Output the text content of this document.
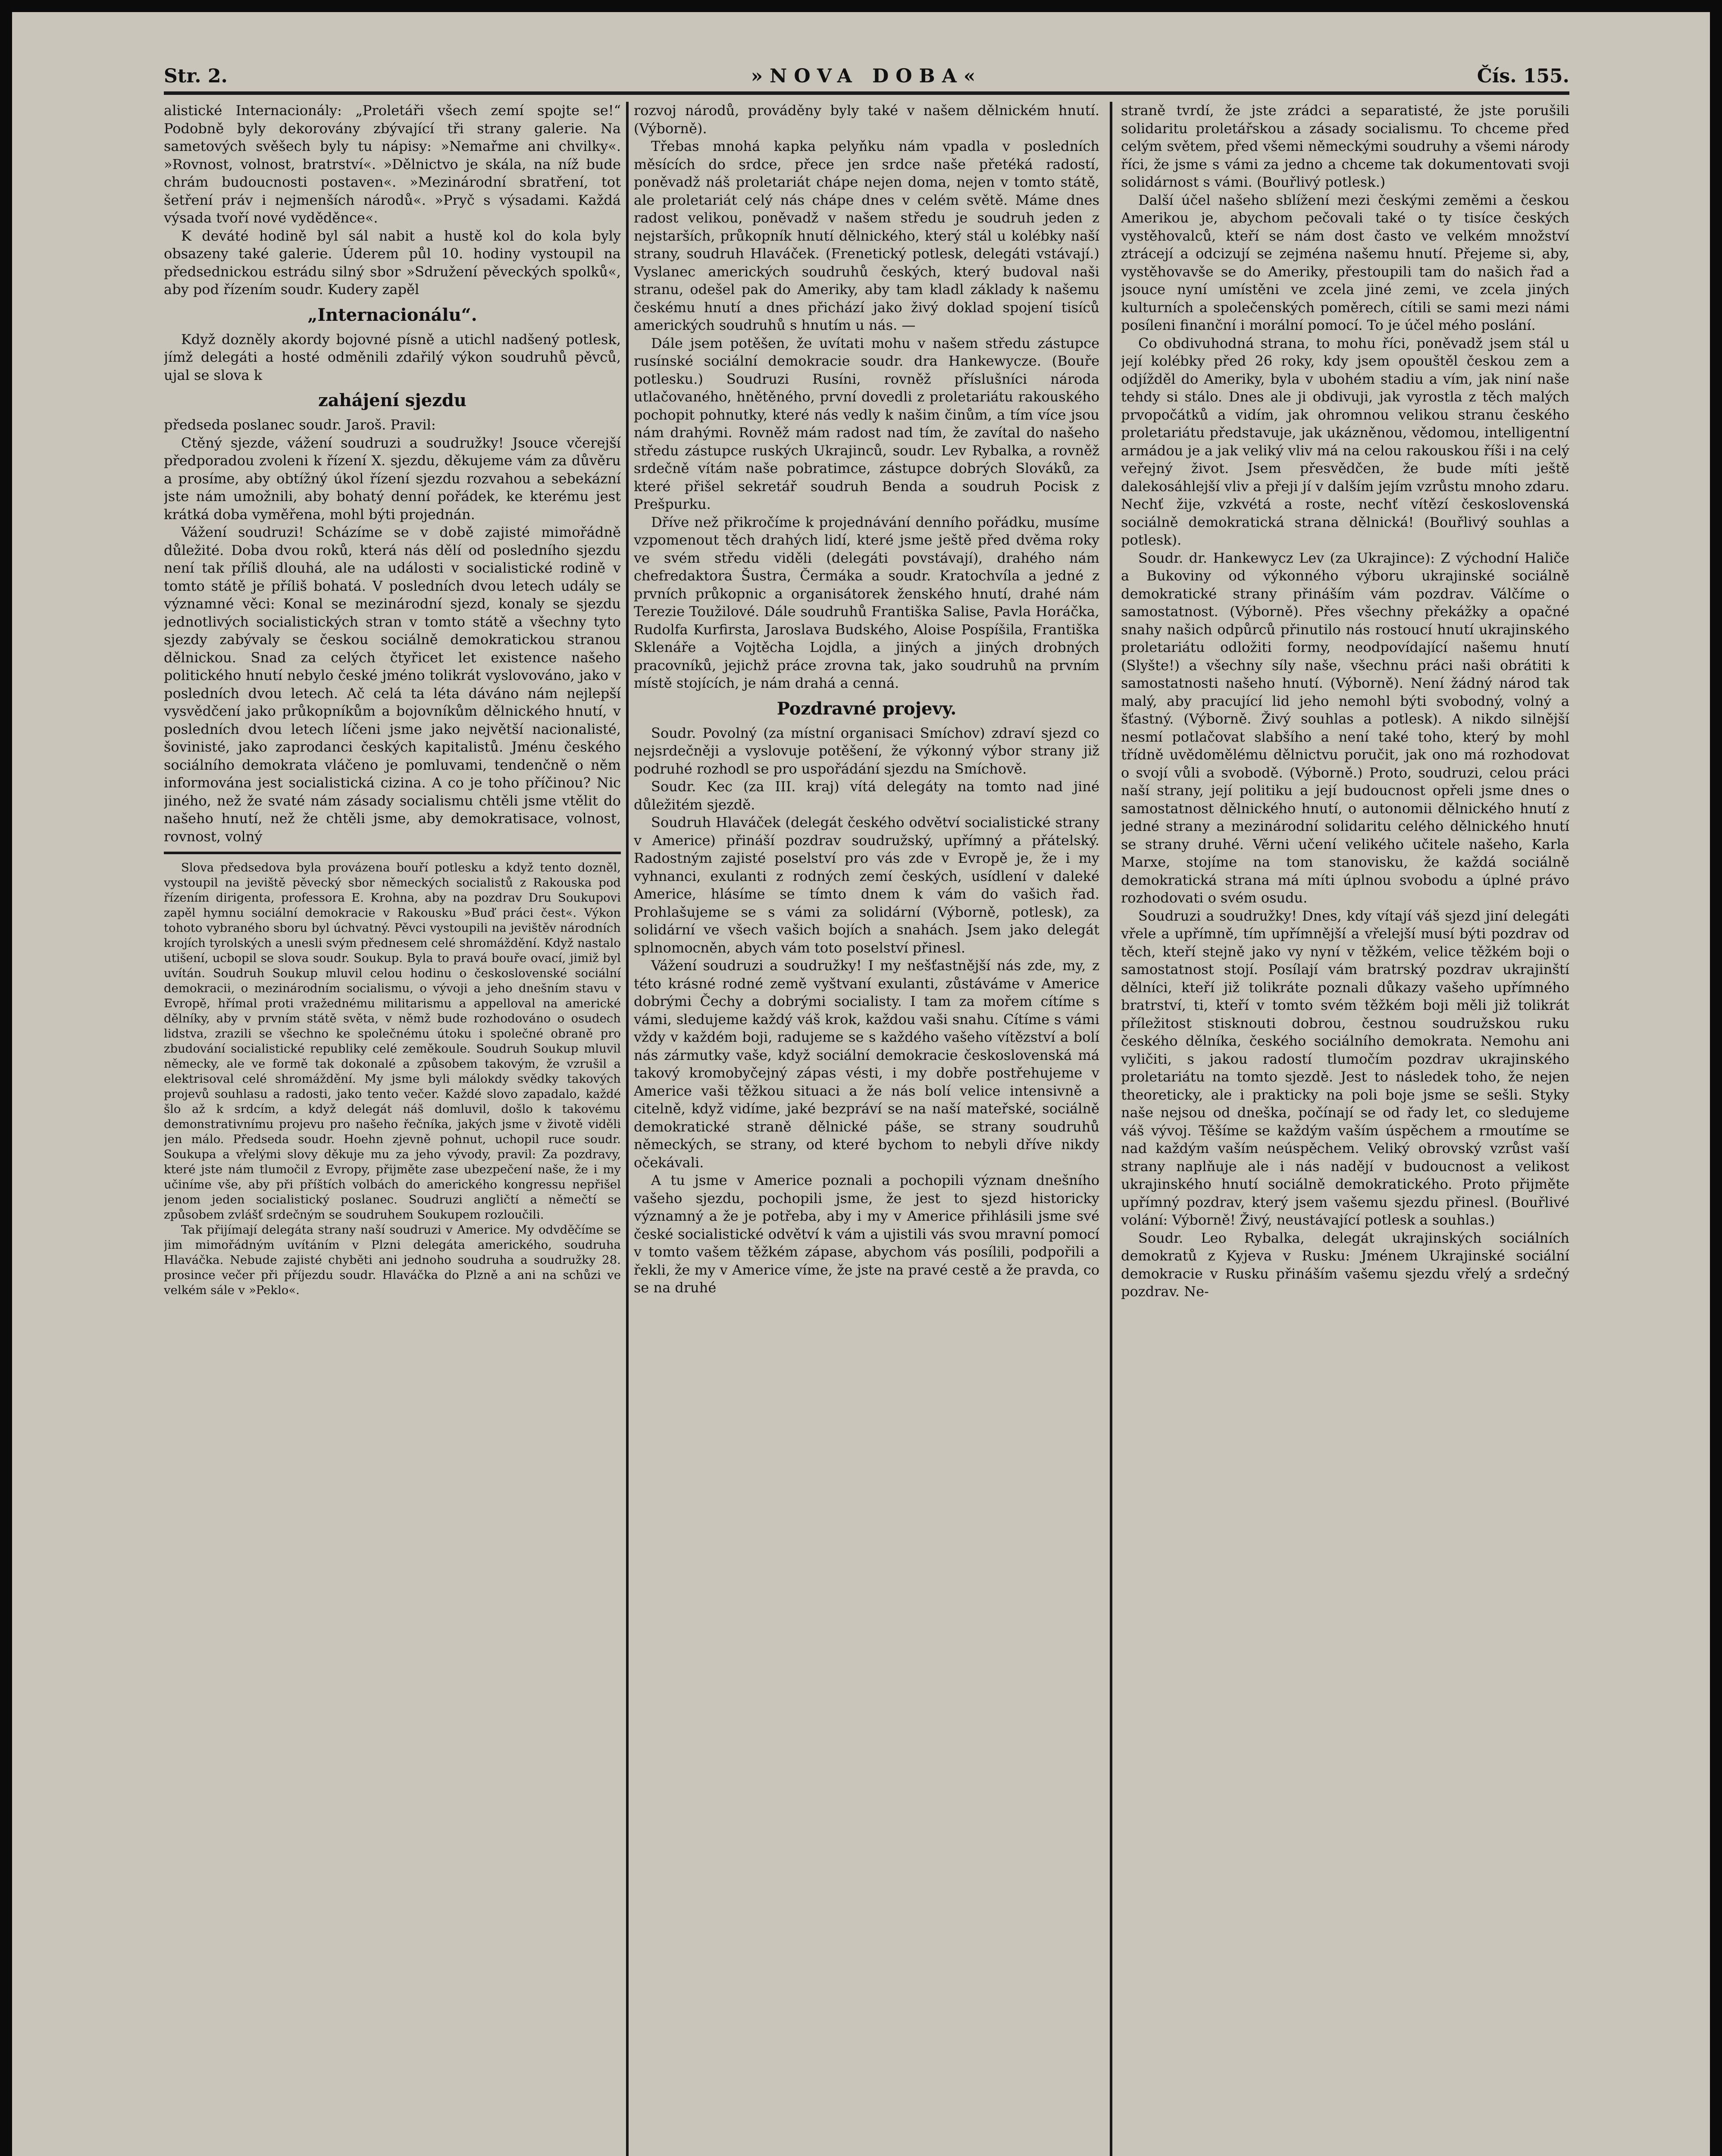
»NOVA DOBA«
Str. 2.	Čís. 155.

alistické Internacionály: „Proletáři všech zemí spojte se!“ Podobně byly dekorovány zbývající tři strany galerie. Na sametových svěšech byly tu nápisy: »Nemařme ani chvilky«. »Rovnost, volnost, bratrství«. »Dělnictvo je skála, na níž bude chrám budoucnosti postaven«. »Mezinárodní sbratření, tot šetření práv i nejmenších národů«. »Pryč s výsadami. Každá výsada tvoří nové vyděděnce«.

K deváté hodině byl sál nabit a hustě kol do kola byly obsazeny také galerie. Úderem půl 10. hodiny vystoupil na předsednickou estrádu silný sbor »Sdružení pěveckých spolků«, aby pod řízením soudr. Kudery zapěl

„Internacionálu“.

Když dozněly akordy bojovné písně a utichl nadšený potlesk, jímž delegáti a hosté odměnili zdařilý výkon soudruhů pěvců, ujal se slova k

zahájení sjezdu

předseda poslanec soudr. Jaroš. Pravil:

Ctěný sjezde, vážení soudruzi a soudružky! Jsouce včerejší předporadou zvoleni k řízení X. sjezdu, děkujeme vám za důvěru a prosíme, aby obtížný úkol řízení sjezdu rozvahou a sebekázní jste nám umožnili, aby bohatý denní pořádek, ke kterému jest krátká doba vyměřena, mohl býti projednán.

Vážení soudruzi! Scházíme se v době zajisté mimořádně důležité. Doba dvou roků, která nás dělí od posledního sjezdu není tak příliš dlouhá, ale na události v socialistické rodině v tomto státě je příliš bohatá. V posledních dvou letech udály se významné věci: Konal se mezinárodní sjezd, konaly se sjezdu jednotlivých socialistických stran v tomto státě a všechny tyto sjezdy zabývaly se českou sociálně demokratickou stranou dělnickou. Snad za celých čtyřicet let existence našeho politického hnutí nebylo české jméno tolikrát vyslovováno, jako v posledních dvou letech. Ač celá ta léta dáváno nám nejlepší vysvědčení jako průkopníkům a bojovníkům dělnického hnutí, v posledních dvou letech líčeni jsme jako největší nacionalisté, šovinisté, jako zaprodanci českých kapitalistů. Jménu českého sociálního demokrata vláčeno je pomluvami, tendenčně o něm informována jest socialistická cizina. A co je toho příčinou? Nic jiného, než že svaté nám zásady socialismu chtěli jsme vtělit do našeho hnutí, než že chtěli jsme, aby demokratisace, volnost, rovnost, volný

Slova předsedova byla provázena bouří potlesku a když tento dozněl, vystoupil na jeviště pěvecký sbor německých socialistů z Rakouska pod řízením dirigenta, professora E. Krohna, aby na pozdrav Dru Soukupovi zapěl hymnu sociální demokracie v Rakousku »Buď práci čest«. Výkon tohoto vybraného sboru byl úchvatný. Pěvci vystoupili na jevištěv národních krojích tyrolských a unesli svým přednesem celé shromáždění. Když nastalo utišení, ucbopil se slova soudr. Soukup. Byla to pravá bouře ovací, jimiž byl uvítán. Soudruh Soukup mluvil celou hodinu o československé sociální demokracii, o mezinárodním socialismu, o vývoji a jeho dnešním stavu v Evropě, hřímal proti vražednému militarismu a appelloval na americké dělníky, aby v prvním státě světa, v němž bude rozhodováno o osudech lidstva, zrazili se všechno ke společnému útoku i společné obraně pro zbudování socialistické republiky celé zeměkoule. Soudruh Soukup mluvil německy, ale ve formě tak dokonalé a způsobem takovým, že vzrušil a elektrisoval celé shromáždění. My jsme byli málokdy svědky takových projevů souhlasu a radosti, jako tento večer. Každé slovo zapadalo, každé šlo až k srdcím, a když delegát náš domluvil, došlo k takovému demonstrativnímu projevu pro našeho řečníka, jakých jsme v životě viděli jen málo. Předseda soudr. Hoehn zjevně pohnut, uchopil ruce soudr. Soukupa a vřelými slovy děkuje mu za jeho vývody, pravil: Za pozdravy, které jste nám tlumočil z Evropy, přijměte zase ubezpečení naše, že i my učiníme vše, aby při příštích volbách do amerického kongressu nepřišel jenom jeden socialistický poslanec. Soudruzi angličtí a němečtí se způsobem zvlášť srdečným se soudruhem Soukupem rozloučili.

Tak přijímají delegáta strany naší soudruzi v Americe. My odvděčíme se jim mimořádným uvítáním v Plzni delegáta amerického, soudruha Hlaváčka. Nebude zajisté chyběti ani jednoho soudruha a soudružky 28. prosince večer při příjezdu soudr. Hlaváčka do Plzně a ani na schůzi ve velkém sále v »Peklo«.

rozvoj národů, prováděny byly také v našem dělnickém hnutí. (Výborně).

Třebas mnohá kapka pelyňku nám vpadla v posledních měsících do srdce, přece jen srdce naše přetéká radostí, poněvadž náš proletariát chápe nejen doma, nejen v tomto státě, ale proletariát celý nás chápe dnes v celém světě. Máme dnes radost velikou, poněvadž v našem středu je soudruh jeden z nejstarších, průkopník hnutí dělnického, který stál u kolébky naší strany, soudruh Hlaváček. (Frenetický potlesk, delegáti vstávají.) Vyslanec amerických soudruhů českých, který budoval naši stranu, odešel pak do Ameriky, aby tam kladl základy k našemu českému hnutí a dnes přichází jako živý doklad spojení tisíců amerických soudruhů s hnutím u nás. —

Dále jsem potěšen, že uvítati mohu v našem středu zástupce rusínské sociální demokracie soudr. dra Hankewycze. (Bouře potlesku.) Soudruzi Rusíni, rovněž příslušníci národa utlačovaného, hnětěného, první dovedli z proletariátu rakouského pochopit pohnutky, které nás vedly k našim činům, a tím více jsou nám drahými. Rovněž mám radost nad tím, že zavítal do našeho středu zástupce ruských Ukrajinců, soudr. Lev Rybalka, a rovněž srdečně vítám naše pobratimce, zástupce dobrých Slováků, za které přišel sekretář soudruh Benda a soudruh Pocisk z Prešpurku.

Dříve než přikročíme k projednávání denního pořádku, musíme vzpomenout těch drahých lidí, které jsme ještě před dvěma roky ve svém středu viděli (delegáti povstávají), drahého nám chefredaktora Šustra, Čermáka a soudr. Kratochvíla a jedné z prvních průkopnic a organisátorek ženského hnutí, drahé nám Terezie Toužilové. Dále soudruhů Františka Salise, Pavla Horáčka, Rudolfa Kurfirsta, Jaroslava Budského, Aloise Pospíšila, Františka Sklenáře a Vojtěcha Lojdla, a jiných a jiných drobných pracovníků, jejichž práce zrovna tak, jako soudruhů na prvním místě stojících, je nám drahá a cenná.

Pozdravné projevy.

Soudr. Povolný (za místní organisaci Smíchov) zdraví sjezd co nejsrdečněji a vyslovuje potěšení, že výkonný výbor strany již podruhé rozhodl se pro uspořádání sjezdu na Smíchově.

Soudr. Kec (za III. kraj) vítá delegáty na tomto nad jiné důležitém sjezdě.

Soudruh Hlaváček (delegát českého odvětví socialistické strany v Americe) přináší pozdrav soudružský, upřímný a přátelský. Radostným zajisté poselství pro vás zde v Evropě je, že i my vyhnanci, exulanti z rodných zemí českých, usídlení v daleké Americe, hlásíme se tímto dnem k vám do vašich řad. Prohlašujeme se s vámi za solidární (Výborně, potlesk), za solidární ve všech vašich bojích a snahách. Jsem jako delegát splnomocněn, abych vám toto poselství přinesl.

Vážení soudruzi a soudružky! I my nešťastnější nás zde, my, z této krásné rodné země vyštvaní exulanti, zůstáváme v Americe dobrými Čechy a dobrými socialisty. I tam za mořem cítíme s vámi, sledujeme každý váš krok, každou vaši snahu. Cítíme s vámi vždy v každém boji, radujeme se s každého vašeho vítězství a bolí nás zármutky vaše, když sociální demokracie československá má takový kromobyčejný zápas vésti, i my dobře postřehujeme v Americe vaši těžkou situaci a že nás bolí velice intensivně a citelně, když vidíme, jaké bezpráví se na naší mateřské, sociálně demokratické straně dělnické páše, se strany soudruhů německých, se strany, od které bychom to nebyli dříve nikdy očekávali.

A tu jsme v Americe poznali a pochopili význam dnešního vašeho sjezdu, pochopili jsme, že jest to sjezd historicky významný a že je potřeba, aby i my v Americe přihlásili jsme své české socialistické odvětví k vám a ujistili vás svou mravní pomocí v tomto vašem těžkém zápase, abychom vás posílili, podpořili a řekli, že my v Americe víme, že jste na pravé cestě a že pravda, co se na druhé

straně tvrdí, že jste zrádci a separatisté, že jste porušili solidaritu proletářskou a zásady socialismu. To chceme před celým světem, před všemi německými soudruhy a všemi národy říci, že jsme s vámi za jedno a chceme tak dokumentovati svoji solidárnost s vámi. (Bouřlivý potlesk.)

Další účel našeho sblížení mezi českými zeměmi a českou Amerikou je, abychom pečovali také o ty tisíce českých vystěhovalců, kteří se nám dost často ve velkém množství ztrácejí a odcizují se zejména našemu hnutí. Přejeme si, aby, vystěhovavše se do Ameriky, přestoupili tam do našich řad a jsouce nyní umístěni ve zcela jiné zemi, ve zcela jiných kulturních a společenských poměrech, cítili se sami mezi námi posíleni finanční i morální pomocí. To je účel mého poslání.

Co obdivuhodná strana, to mohu říci, poněvadž jsem stál u její kolébky před 26 roky, kdy jsem opouštěl českou zem a odjížděl do Ameriky, byla v ubohém stadiu a vím, jak niní naše tehdy si stálo. Dnes ale ji obdivuji, jak vyrostla z těch malých prvopočátků a vidím, jak ohromnou velikou stranu českého proletariátu představuje, jak ukázněnou, vědomou, intelligentní armádou je a jak veliký vliv má na celou rakouskou říši i na celý veřejný život. Jsem přesvědčen, že bude míti ještě dalekosáhlejší vliv a přeji jí v dalším jejím vzrůstu mnoho zdaru. Nechť žije, vzkvétá a roste, nechť vítězí československá sociálně demokratická strana dělnická! (Bouřlivý souhlas a potlesk).

Soudr. dr. Hankewycz Lev (za Ukrajince): Z východní Haliče a Bukoviny od výkonného výboru ukrajinské sociálně demokratické strany přináším vám pozdrav. Válčíme o samostatnost. (Výborně). Přes všechny překážky a opačné snahy našich odpůrců přinutilo nás rostoucí hnutí ukrajinského proletariátu odložiti formy, neodpovídající našemu hnutí (Slyšte!) a všechny síly naše, všechnu práci naši obrátiti k samostatnosti našeho hnutí. (Výborně). Není žádný národ tak malý, aby pracující lid jeho nemohl býti svobodný, volný a šťastný. (Výborně. Živý souhlas a potlesk). A nikdo silnější nesmí potlačovat slabšího a není také toho, který by mohl třídně uvědomělému dělnictvu poručit, jak ono má rozhodovat o svojí vůli a svobodě. (Výborně.) Proto, soudruzi, celou práci naší strany, její politiku a její budoucnost opřeli jsme dnes o samostatnost dělnického hnutí, o autonomii dělnického hnutí z jedné strany a mezinárodní solidaritu celého dělnického hnutí se strany druhé. Věrni učení velikého učitele našeho, Karla Marxe, stojíme na tom stanovisku, že každá sociálně demokratická strana má míti úplnou svobodu a úplné právo rozhodovati o svém osudu.

Soudruzi a soudružky! Dnes, kdy vítají váš sjezd jiní delegáti vřele a upřímně, tím upřímnější a vřelejší musí býti pozdrav od těch, kteří stejně jako vy nyní v těžkém, velice těžkém boji o samostatnost stojí. Posílají vám bratrský pozdrav ukrajinští dělníci, kteří již tolikráte poznali důkazy vašeho upřímného bratrství, ti, kteří v tomto svém těžkém boji měli již tolikrát příležitost stisknouti dobrou, čestnou soudružskou ruku českého dělníka, českého sociálního demokrata. Nemohu ani vyličiti, s jakou radostí tlumočím pozdrav ukrajinského proletariátu na tomto sjezdě. Jest to následek toho, že nejen theoreticky, ale i prakticky na poli boje jsme se sešli. Styky naše nejsou od dneška, počínají se od řady let, co sledujeme váš vývoj. Těšíme se každým vaším úspěchem a rmoutíme se nad každým vaším neúspěchem. Veliký obrovský vzrůst vaší strany naplňuje ale i nás nadějí v budoucnost a velikost ukrajinského hnutí sociálně demokratického. Proto přijměte upřímný pozdrav, který jsem vašemu sjezdu přinesl. (Bouřlivé volání: Výborně! Živý, neustávající potlesk a souhlas.)

Soudr. Leo Rybalka, delegát ukrajinských sociálních demokratů z Kyjeva v Rusku: Jménem Ukrajinské sociální demokracie v Rusku přináším vašemu sjezdu vřelý a srdečný pozdrav. Ne-
